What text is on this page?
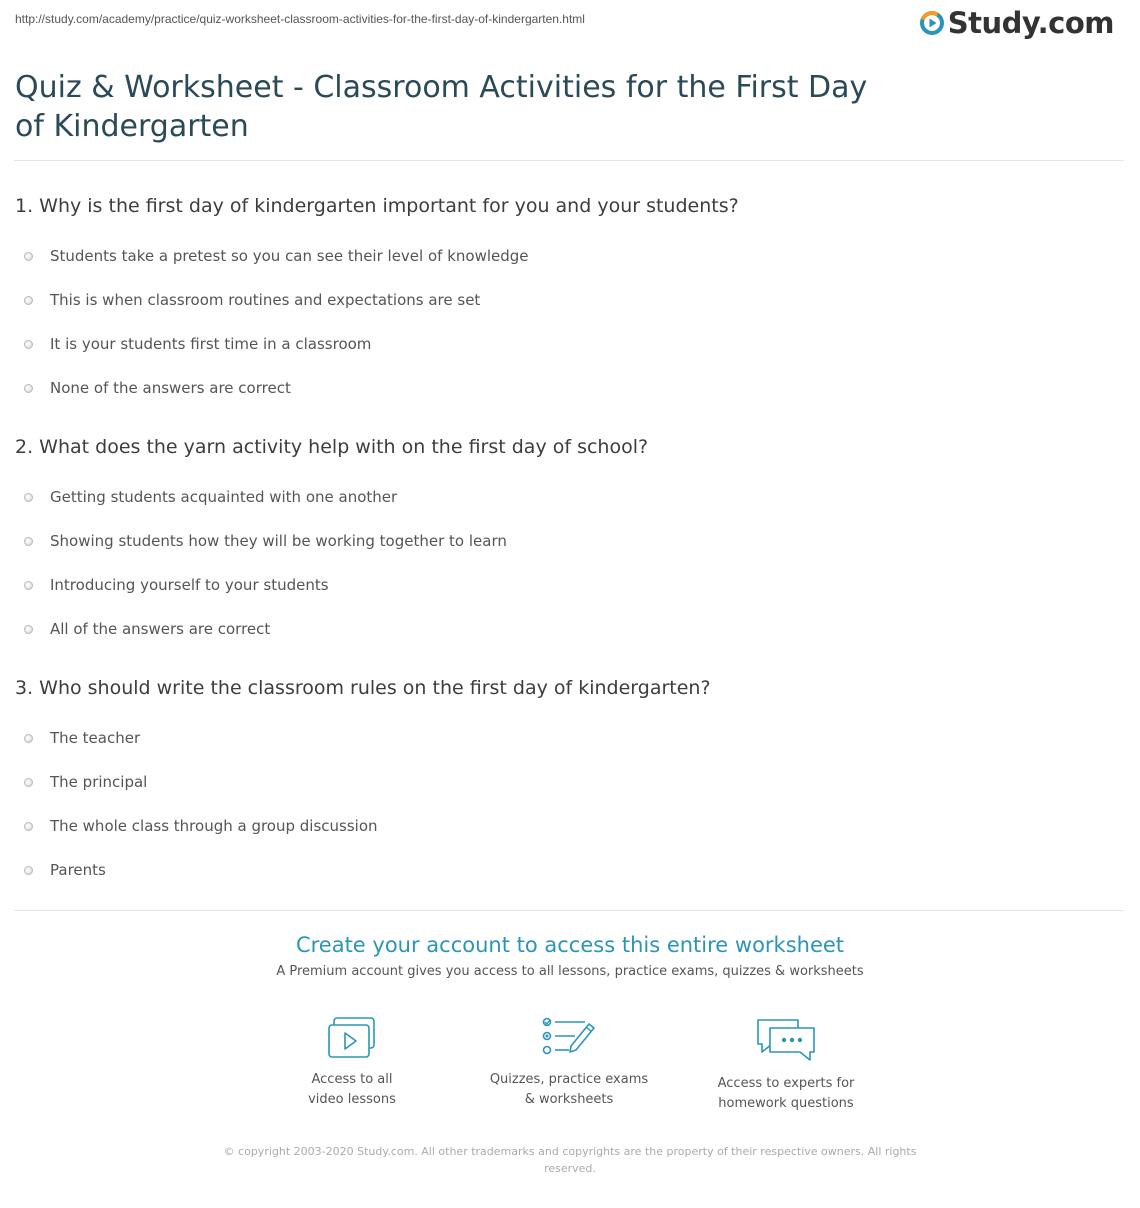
http://study.com/academy/practice/quiz-worksheet-classroom-activities-for-the-first-day-of-kindergarten.html	Study.com
Quiz & Worksheet - Classroom Activities for the First Day of Kindergarten
1. Why is the first day of kindergarten important for you and your students?
Students take a pretest so you can see their level of knowledge
This is when classroom routines and expectations are set
It is your students first time in a classroom
None of the answers are correct
2. What does the yarn activity help with on the first day of school?
Getting students acquainted with one another
Showing students how they will be working together to learn
Introducing yourself to your students
All of the answers are correct
3. Who should write the classroom rules on the first day of kindergarten?
The teacher
The principal
The whole class through a group discussion
Parents
Create your account to access this entire worksheet
A Premium account gives you access to all lessons, practice exams, quizzes & worksheets
Access to all
video lessons
Quizzes, practice exams
& worksheets
Access to experts for
homework questions
© copyright 2003-2020 Study.com. All other trademarks and copyrights are the property of their respective owners. All rights reserved.
